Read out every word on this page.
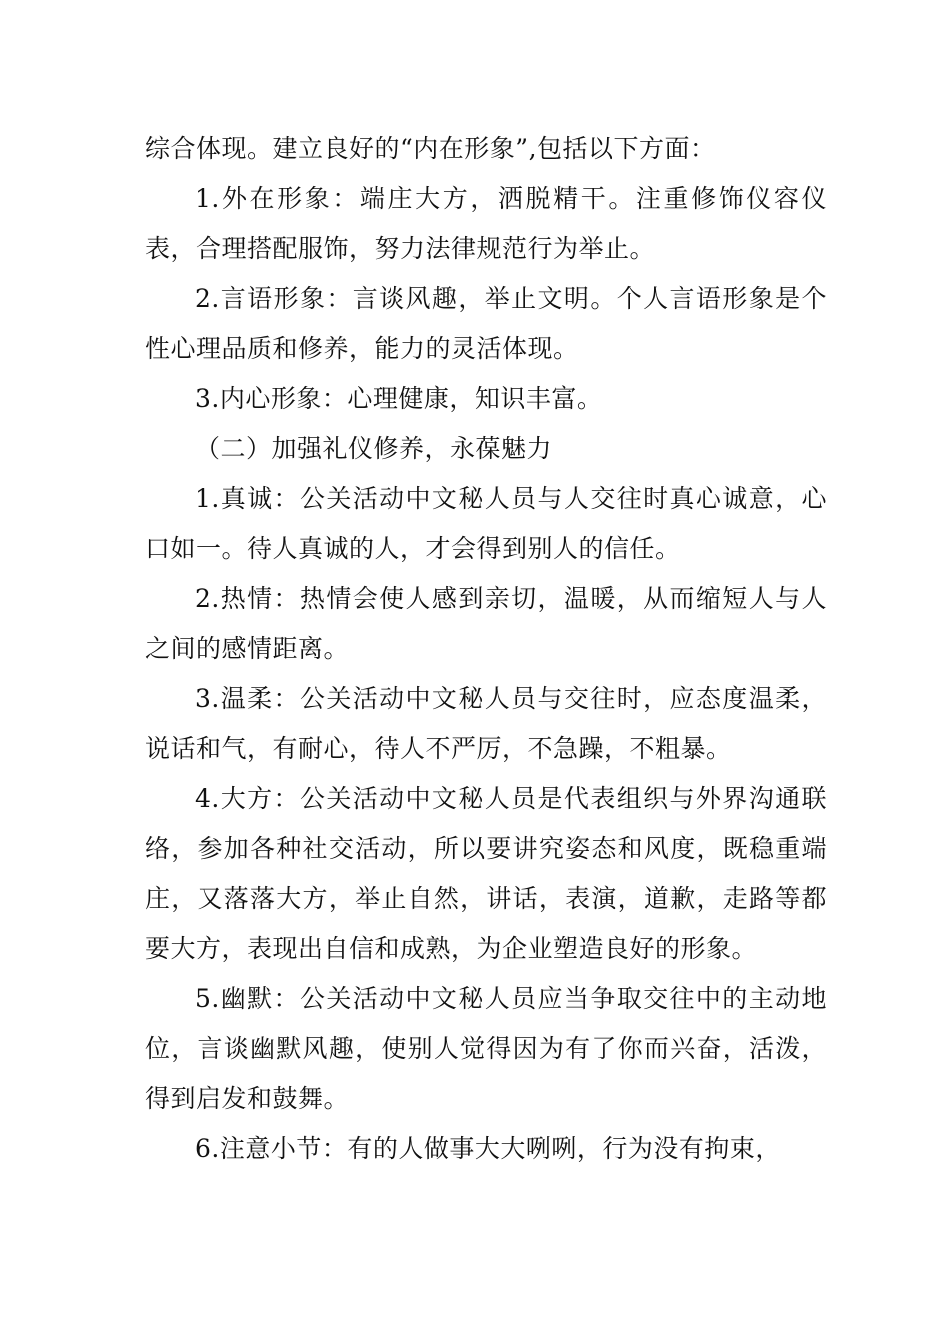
综合体现。建立良好的“内在形象”,包括以下方面：

1.外在形象：端庄大方，洒脱精干。注重修饰仪容仪表，合理搭配服饰，努力法律规范行为举止。

2.言语形象：言谈风趣，举止文明。个人言语形象是个性心理品质和修养，能力的灵活体现。

3.内心形象：心理健康，知识丰富。

（二）加强礼仪修养，永葆魅力

1.真诚：公关活动中文秘人员与人交往时真心诚意，心口如一。待人真诚的人，才会得到别人的信任。

2.热情：热情会使人感到亲切，温暖，从而缩短人与人之间的感情距离。

3.温柔：公关活动中文秘人员与交往时，应态度温柔，说话和气，有耐心，待人不严厉，不急躁，不粗暴。

4.大方：公关活动中文秘人员是代表组织与外界沟通联络，参加各种社交活动，所以要讲究姿态和风度，既稳重端庄，又落落大方，举止自然，讲话，表演，道歉，走路等都要大方，表现出自信和成熟，为企业塑造良好的形象。

5.幽默：公关活动中文秘人员应当争取交往中的主动地位，言谈幽默风趣，使别人觉得因为有了你而兴奋，活泼，得到启发和鼓舞。

6.注意小节：有的人做事大大咧咧，行为没有拘束，
